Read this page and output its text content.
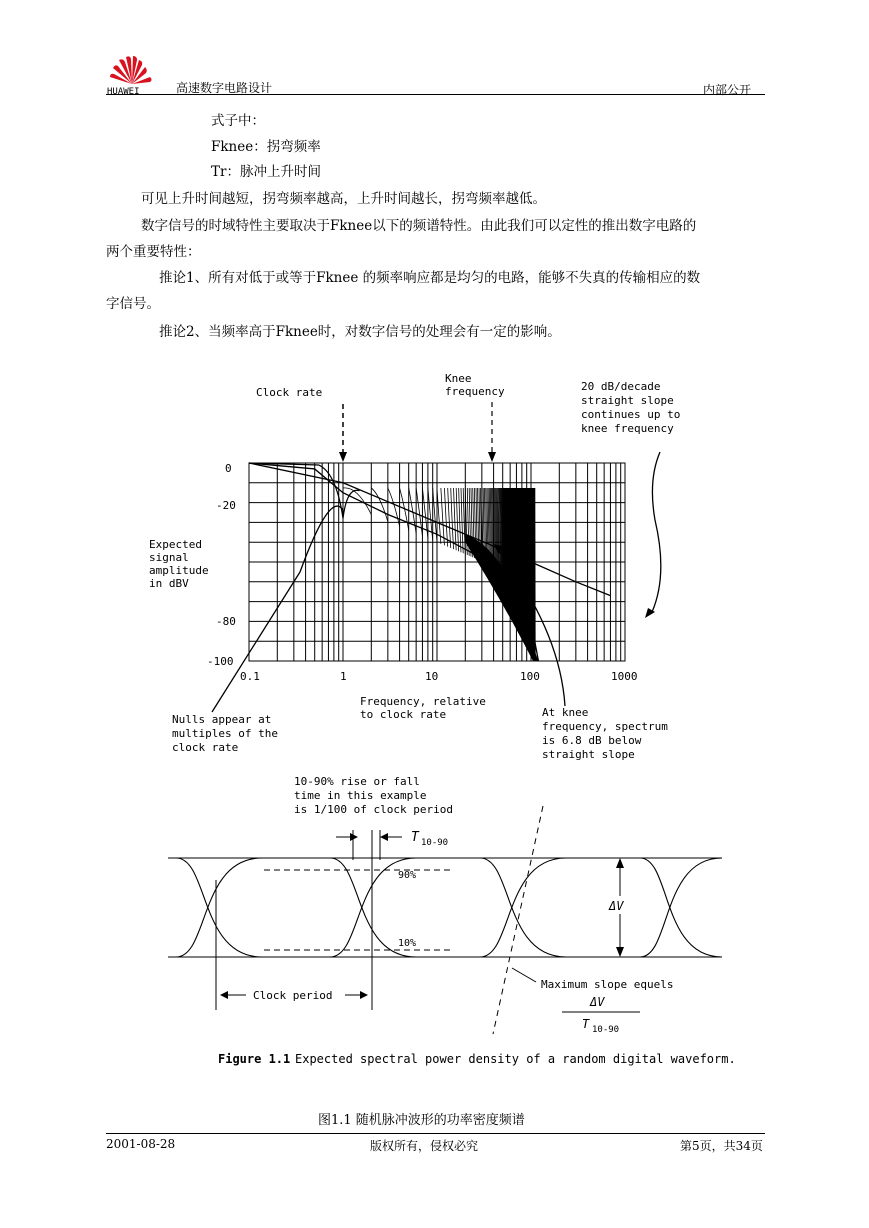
HUAWEI	高速数字电路设计	内部公开
式子中：
Fknee：拐弯频率
Tr：脉冲上升时间
可见上升时间越短，拐弯频率越高，上升时间越长，拐弯频率越低。
数字信号的时域特性主要取决于Fknee以下的频谱特性。由此我们可以定性的推出数字电路的
两个重要特性：
推论1、所有对低于或等于Fknee 的频率响应都是均匀的电路，能够不失真的传输相应的数
字信号。
推论2、当频率高于Fknee时，对数字信号的处理会有一定的影响。
Clock rate
Knee
frequency	20 dB/decade
straight slope
continues up to
knee frequency
0
-20
-80
-100
0.1	1	10	100	1000
Expected
signal
amplitude
in dBV
Frequency, relative
to clock rate
Nulls appear at
multiples of the
clock rate
At knee
frequency, spectrum
is 6.8 dB below
straight slope
10-90% rise or fall
time in this example
is 1/100 of clock period
T 10-90
90%
10%
ΔV
Clock period
Maximum slope equels
ΔV
T 10-90
Figure 1.1 Expected spectral power density of a random digital waveform.
图1.1 随机脉冲波形的功率密度频谱
2001-08-28	版权所有，侵权必究	第5页，共34页
